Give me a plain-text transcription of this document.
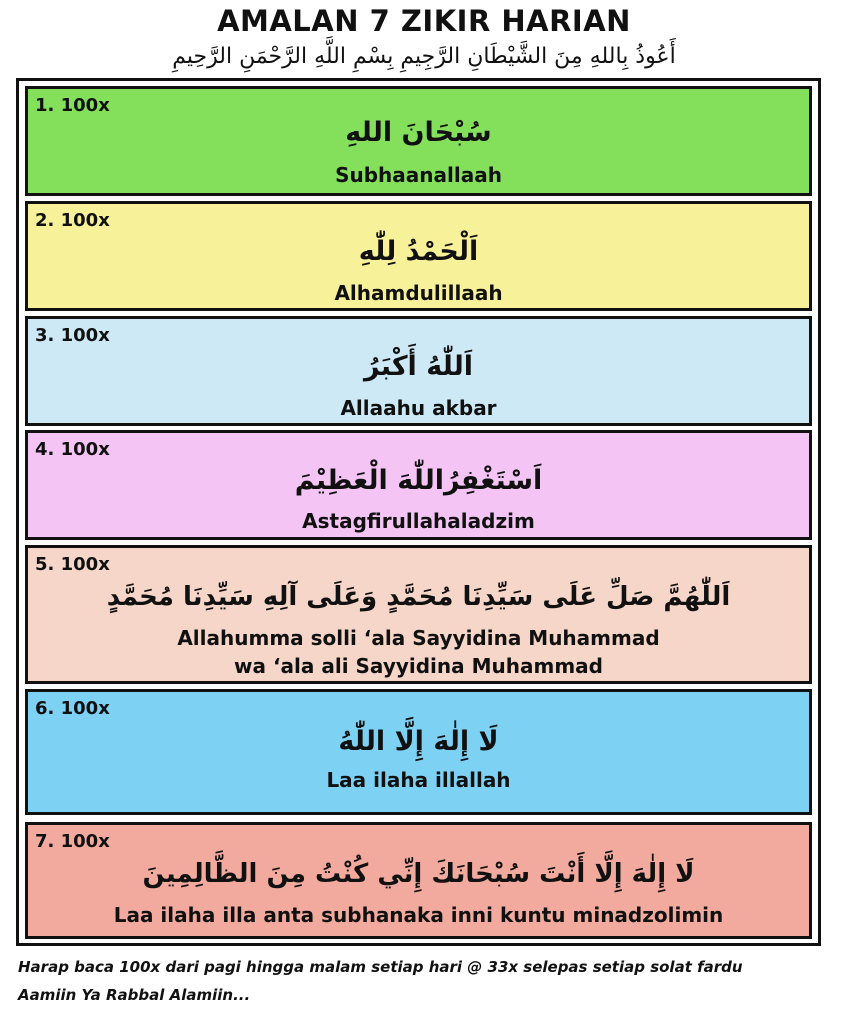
AMALAN 7 ZIKIR HARIAN
أَعُوذُ بِاللهِ مِنَ الشَّيْطَانِ الرَّجِيمِ بِسْمِ اللَّهِ الرَّحْمَنِ الرَّحِيمِ
1. 100x
سُبْحَانَ اللهِ
Subhaanallaah
2. 100x
اَلْحَمْدُ لِلّٰهِ
Alhamdulillaah
3. 100x
اَللّٰهُ أَكْبَرُ
Allaahu akbar
4. 100x
اَسْتَغْفِرُاللّٰهَ الْعَظِيْمَ
Astagfirullahaladzim
5. 100x
اَللّٰهُمَّ صَلِّ عَلَى سَيِّدِنَا مُحَمَّدٍ وَعَلَى آلِهِ سَيِّدِنَا مُحَمَّدٍ
Allahumma solli ‘ala Sayyidina Muhammad
wa ‘ala ali Sayyidina Muhammad
6. 100x
لَا إِلٰهَ إِلَّا اللّٰهُ
Laa ilaha illallah
7. 100x
لَا إِلٰهَ إِلَّا أَنْتَ سُبْحَانَكَ إِنِّي كُنْتُ مِنَ الظَّالِمِينَ
Laa ilaha illa anta subhanaka inni kuntu minadzolimin
Harap baca 100x dari pagi hingga malam setiap hari @ 33x selepas setiap solat fardu
Aamiin Ya Rabbal Alamiin...
